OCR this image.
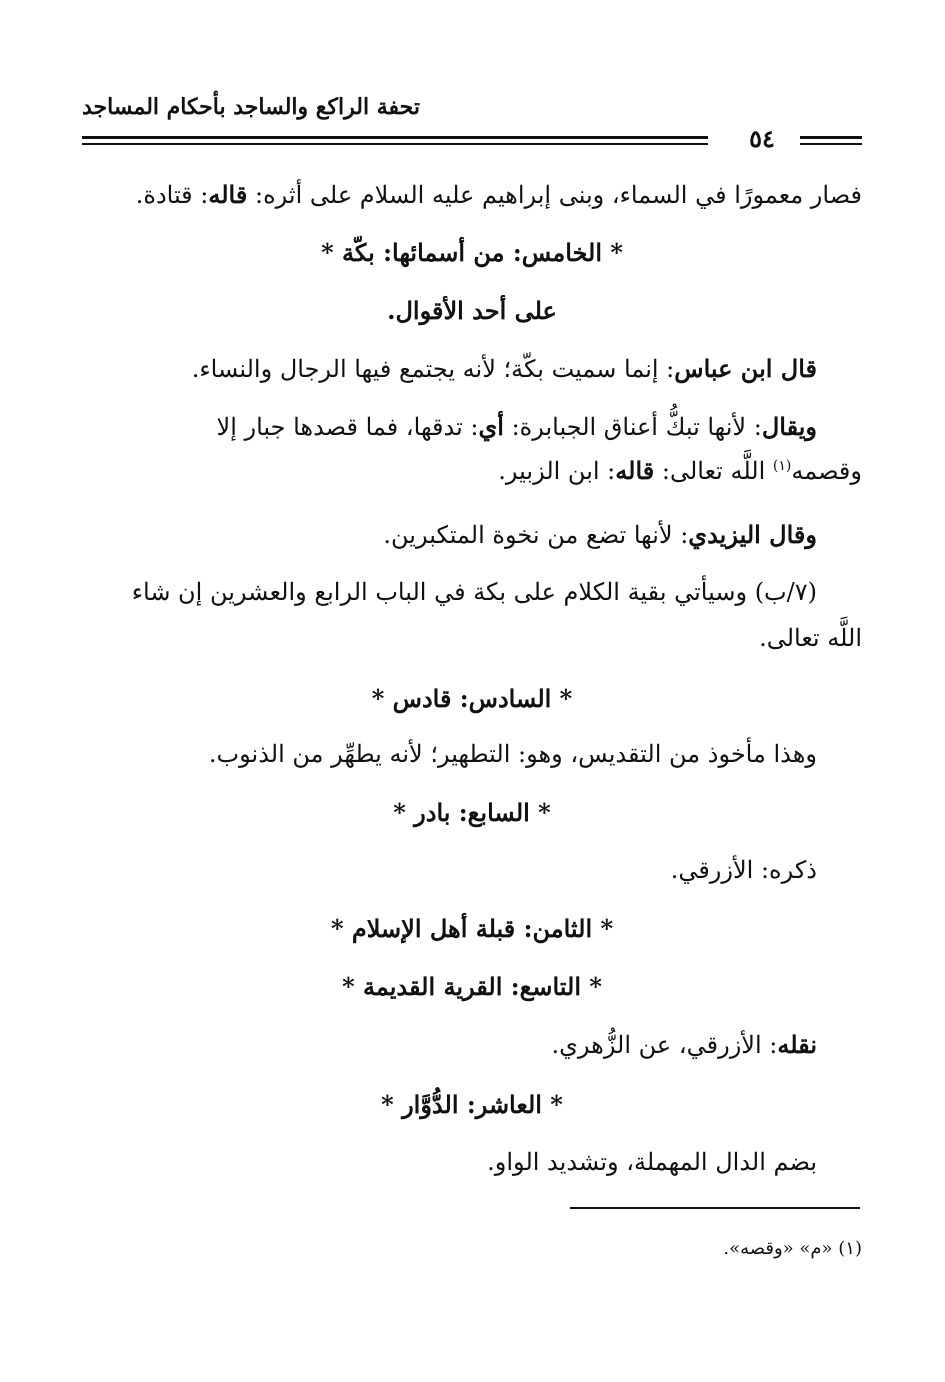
تحفة الراكع والساجد بأحكام المساجد
٥٤
فصار معمورًا في السماء، وبنى إبراهيم عليه السلام على أثره: قاله: قتادة.
* الخامس: من أسمائها: بكّة *
على أحد الأقوال.
قال ابن عباس: إنما سميت بكّة؛ لأنه يجتمع فيها الرجال والنساء.
ويقال: لأنها تبكُّ أعناق الجبابرة: أي: تدقها، فما قصدها جبار إلا
وقصمه$^{(١)}$ اللَّه تعالى: قاله: ابن الزبير.
وقال اليزيدي: لأنها تضع من نخوة المتكبرين.
(٧/ب) وسيأتي بقية الكلام على بكة في الباب الرابع والعشرين إن شاء
اللَّه تعالى.
* السادس: قادس *
وهذا مأخوذ من التقديس، وهو: التطهير؛ لأنه يطهِّر من الذنوب.
* السابع: بادر *
ذكره: الأزرقي.
* الثامن: قبلة أهل الإسلام *
* التاسع: القرية القديمة *
نقله: الأزرقي، عن الزُّهري.
* العاشر: الدُّوَّار *
بضم الدال المهملة، وتشديد الواو.
(١) «م» «وقصه».
